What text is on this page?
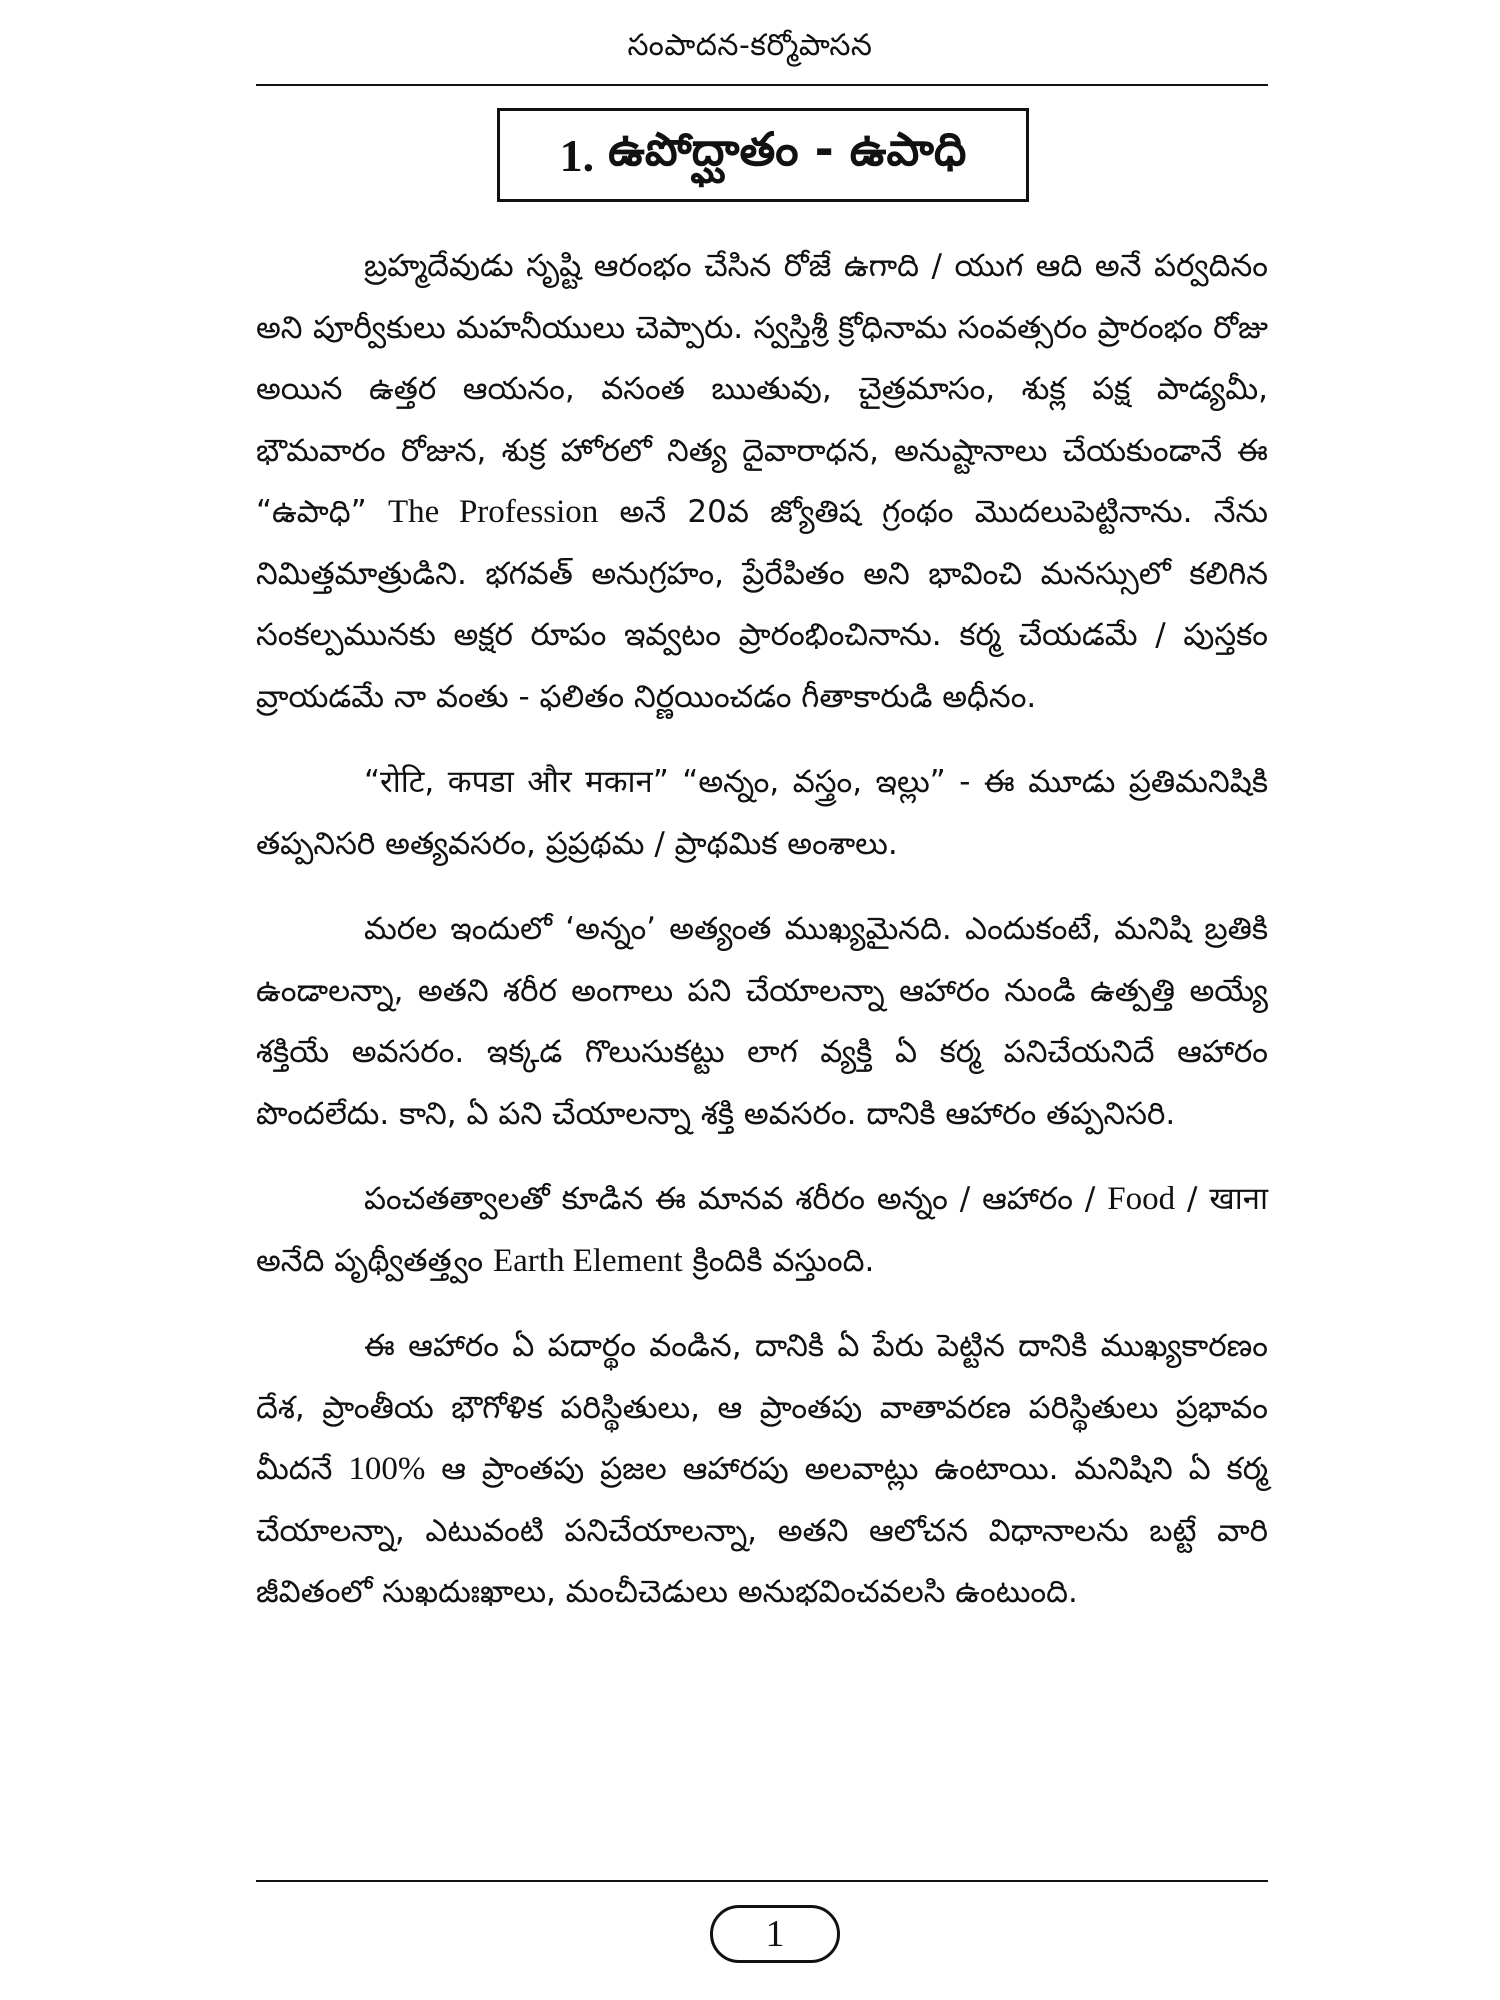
సంపాదన-కర్మోపాసన
1. ఉపోద్ఘాతం - ఉపాధి

బ్రహ్మదేవుడు సృష్టి ఆరంభం చేసిన రోజే ఉగాది / యుగ ఆది అనే పర్వదినం అని పూర్వీకులు మహనీయులు చెప్పారు. స్వస్తిశ్రీ క్రోధినామ సంవత్సరం ప్రారంభం రోజు అయిన ఉత్తర ఆయనం, వసంత ఋతువు, చైత్రమాసం, శుక్ల పక్ష పాడ్యమీ, భౌమవారం రోజున, శుక్ర హోరలో నిత్య దైవారాధన, అనుష్టానాలు చేయకుండానే ఈ “ఉపాధి” The Profession అనే 20వ జ్యోతిష గ్రంథం మొదలుపెట్టినాను. నేను నిమిత్తమాత్రుడిని. భగవత్ అనుగ్రహం, ప్రేరేపితం అని భావించి మనస్సులో కలిగిన సంకల్పమునకు అక్షర రూపం ఇవ్వటం ప్రారంభించినాను. కర్మ చేయడమే / పుస్తకం వ్రాయడమే నా వంతు - ఫలితం నిర్ణయించడం గీతాకారుడి అధీనం.

“रोटि, कपडा और मकान” “అన్నం, వస్త్రం, ఇల్లు” - ఈ మూడు ప్రతిమనిషికి తప్పనిసరి అత్యవసరం, ప్రప్రథమ / ప్రాథమిక అంశాలు.

మరల ఇందులో ‘అన్నం’ అత్యంత ముఖ్యమైనది. ఎందుకంటే, మనిషి బ్రతికి ఉండాలన్నా, అతని శరీర అంగాలు పని చేయాలన్నా ఆహారం నుండి ఉత్పత్తి అయ్యే శక్తియే అవసరం. ఇక్కడ గొలుసుకట్టు లాగ వ్యక్తి ఏ కర్మ పనిచేయనిదే ఆహారం పొందలేదు. కాని, ఏ పని చేయాలన్నా శక్తి అవసరం. దానికి ఆహారం తప్పనిసరి.

పంచతత్వాలతో కూడిన ఈ మానవ శరీరం అన్నం / ఆహారం / Food / खाना అనేది పృథ్వీతత్త్వం Earth Element క్రిందికి వస్తుంది.

ఈ ఆహారం ఏ పదార్థం వండిన, దానికి ఏ పేరు పెట్టిన దానికి ముఖ్యకారణం దేశ, ప్రాంతీయ భౌగోళిక పరిస్థితులు, ఆ ప్రాంతపు వాతావరణ పరిస్థితులు ప్రభావం మీదనే 100% ఆ ప్రాంతపు ప్రజల ఆహారపు అలవాట్లు ఉంటాయి. మనిషిని ఏ కర్మ చేయాలన్నా, ఎటువంటి పనిచేయాలన్నా, అతని ఆలోచన విధానాలను బట్టే వారి జీవితంలో సుఖదుఃఖాలు, మంచీచెడులు అనుభవించవలసి ఉంటుంది.

1
